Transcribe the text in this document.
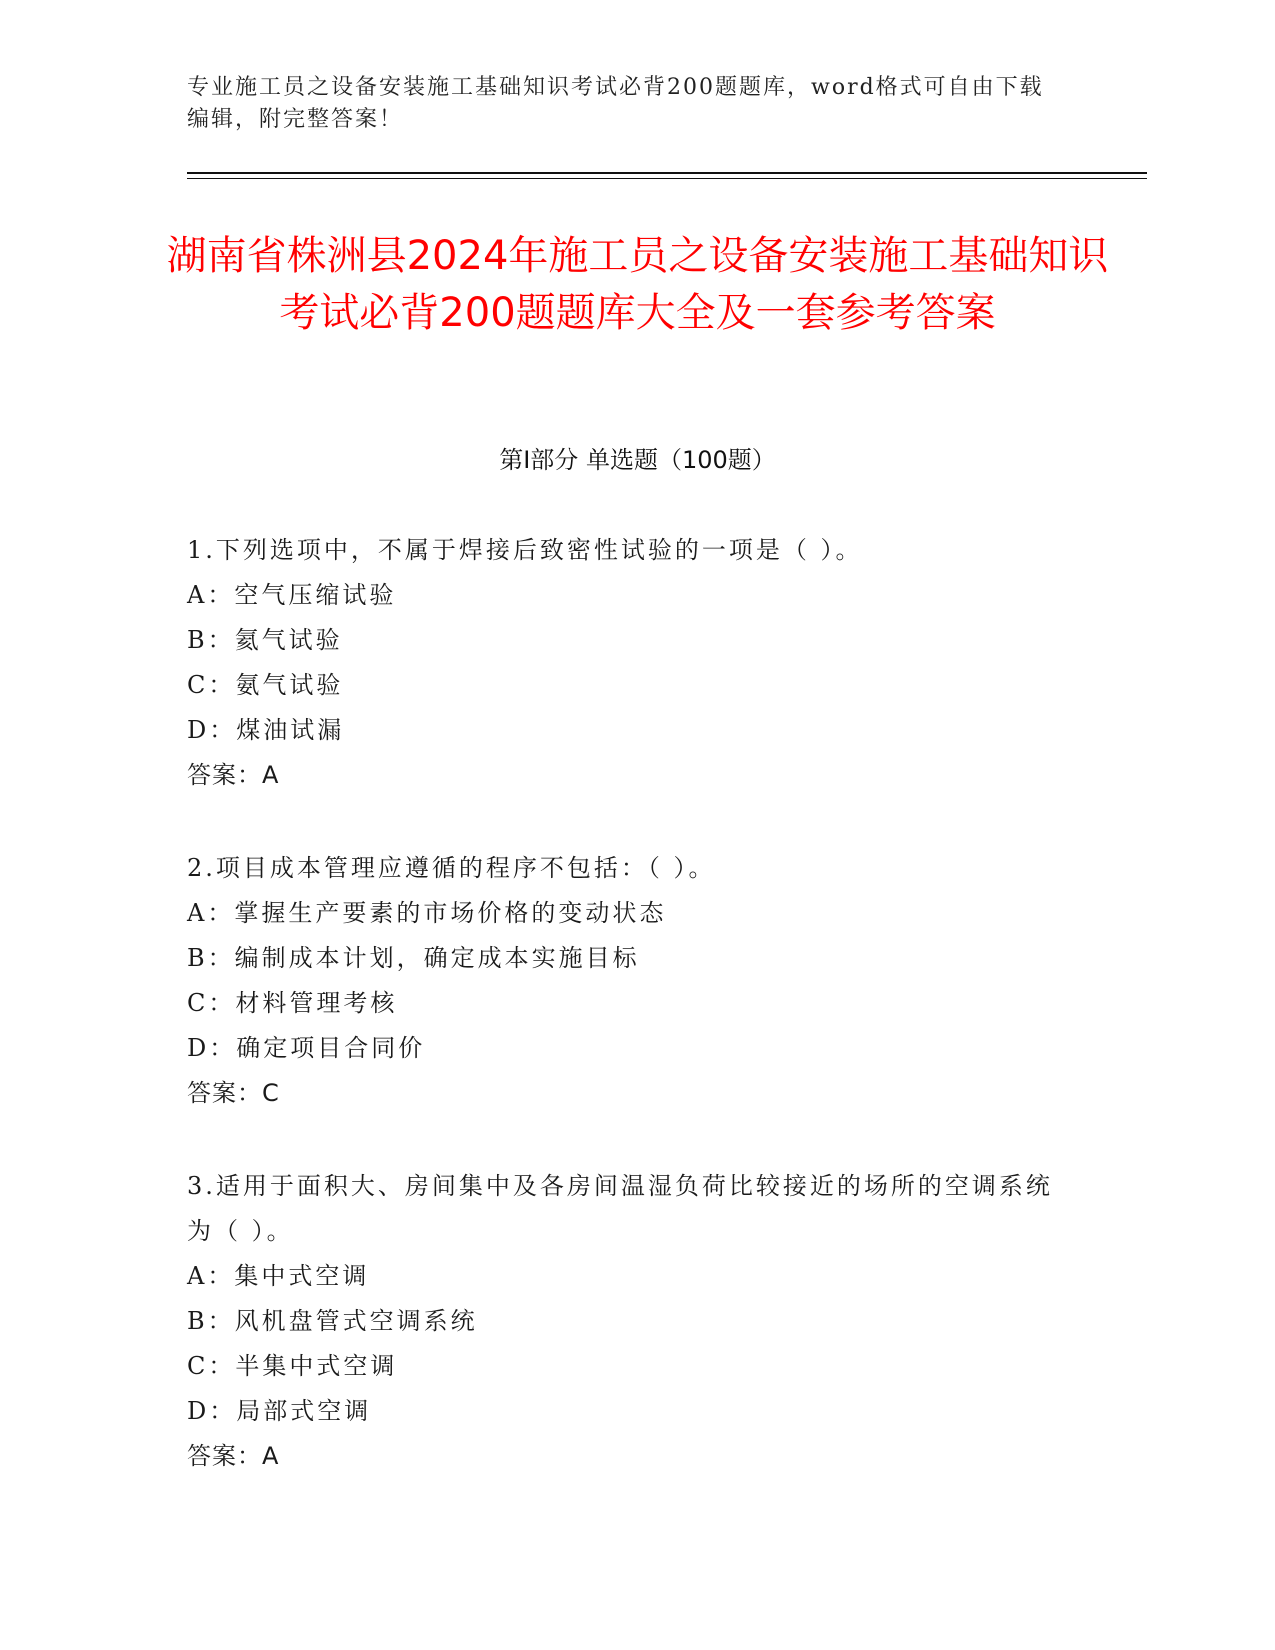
专业施工员之设备安装施工基础知识考试必背200题题库，word格式可自由下载编辑，附完整答案！
湖南省株洲县2024年施工员之设备安装施工基础知识考试必背200题题库大全及一套参考答案
第Ⅰ部分 单选题（100题）

1.下列选项中，不属于焊接后致密性试验的一项是（ ）。

A：空气压缩试验

B：氦气试验

C：氨气试验

D：煤油试漏

答案：A

2.项目成本管理应遵循的程序不包括：（ ）。

A：掌握生产要素的市场价格的变动状态

B：编制成本计划，确定成本实施目标

C：材料管理考核

D：确定项目合同价

答案：C

3.适用于面积大、房间集中及各房间温湿负荷比较接近的场所的空调系统为（ ）。

A：集中式空调

B：风机盘管式空调系统

C：半集中式空调

D：局部式空调

答案：A
